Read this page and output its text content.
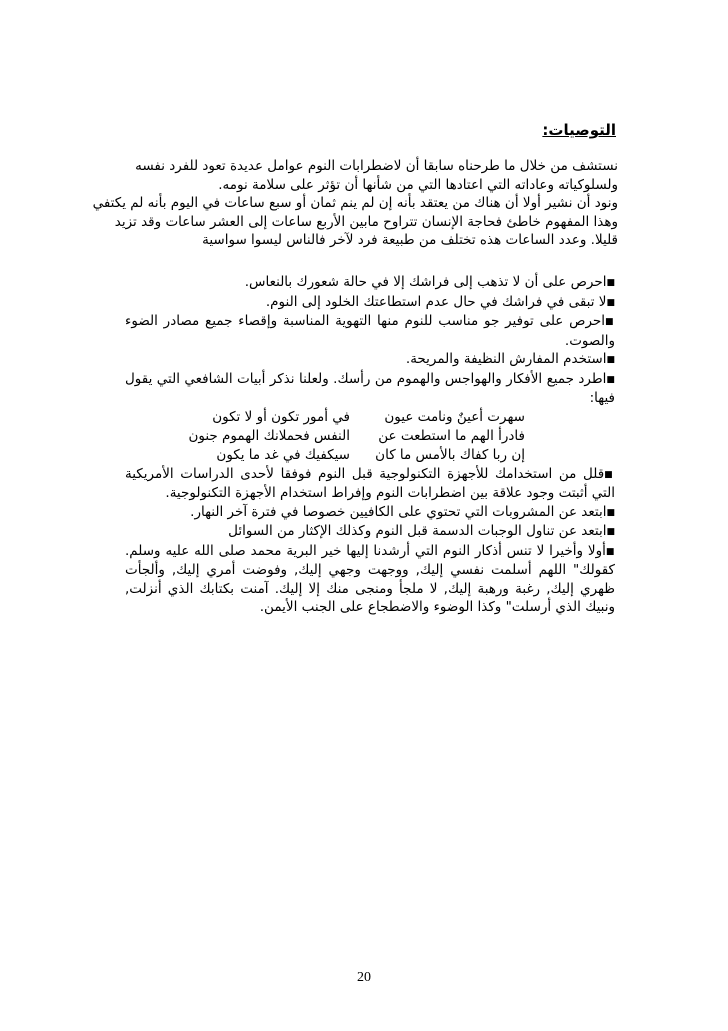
التوصيات:

نستشف من خلال ما طرحناه سابقا أن لاضطرابات النوم عوامل عديدة تعود للفرد نفسه

ولسلوكياته وعاداته التي اعتادها التي من شأنها أن تؤثر على سلامة نومه.

ونود أن نشير أولا أن هناك من يعتقد بأنه إن لم ينم ثمان أو سبع ساعات في اليوم بأنه لم يكتفي

وهذا المفهوم خاطئ فحاجة الإنسان تتراوح مابين الأربع ساعات إلى العشر ساعات وقد تزيد

قليلا. وعدد الساعات هذه تختلف من طبيعة فرد لآخر فالناس ليسوا سواسية

■احرص على أن لا تذهب إلى فراشك إلا في حالة شعورك بالنعاس.
■لا تبقى في فراشك في حال عدم استطاعتك الخلود إلى النوم.
■احرص على توفير جو مناسب للنوم منها التهوية المناسبة وإقصاء جميع مصادر الضوء والصوت.
■استخدم المفارش النظيفة والمريحة.
■اطرد جميع الأفكار والهواجس والهموم من رأسك. ولعلنا نذكر أبيات الشافعي التي يقول فيها:
سهرت أعينٌ ونامت عيون
في أمور تكون أو لا تكون
فادرأ الهم ما استطعت عن
النفس فحملانك الهموم جنون
إن ربا كفاك بالأمس ما كان
سيكفيك في غد ما يكون
■قلل من استخدامك للأجهزة التكنولوجية قبل النوم فوفقا لأحدى الدراسات الأمريكية التي أثبتت وجود علاقة بين اضطرابات النوم وإفراط استخدام الأجهزة التكنولوجية.
■ابتعد عن المشروبات التي تحتوي على الكافيين خصوصا في فترة آخر النهار.
■ابتعد عن تناول الوجبات الدسمة قبل النوم وكذلك الإكثار من السوائل
■أولا وأخيرا لا تنس أذكار النوم التي أرشدنا إليها خير البرية محمد صلى الله عليه وسلم. كقولك" اللهم أسلمت نفسي إليك, ووجهت وجهي إليك, وفوضت أمري إليك, وألجأت ظهري إليك, رغبة ورهبة إليك, لا ملجأ ومنجى منك إلا إليك. آمنت بكتابك الذي أنزلت, ونبيك الذي أرسلت" وكذا الوضوء والاضطجاع على الجنب الأيمن.
20
